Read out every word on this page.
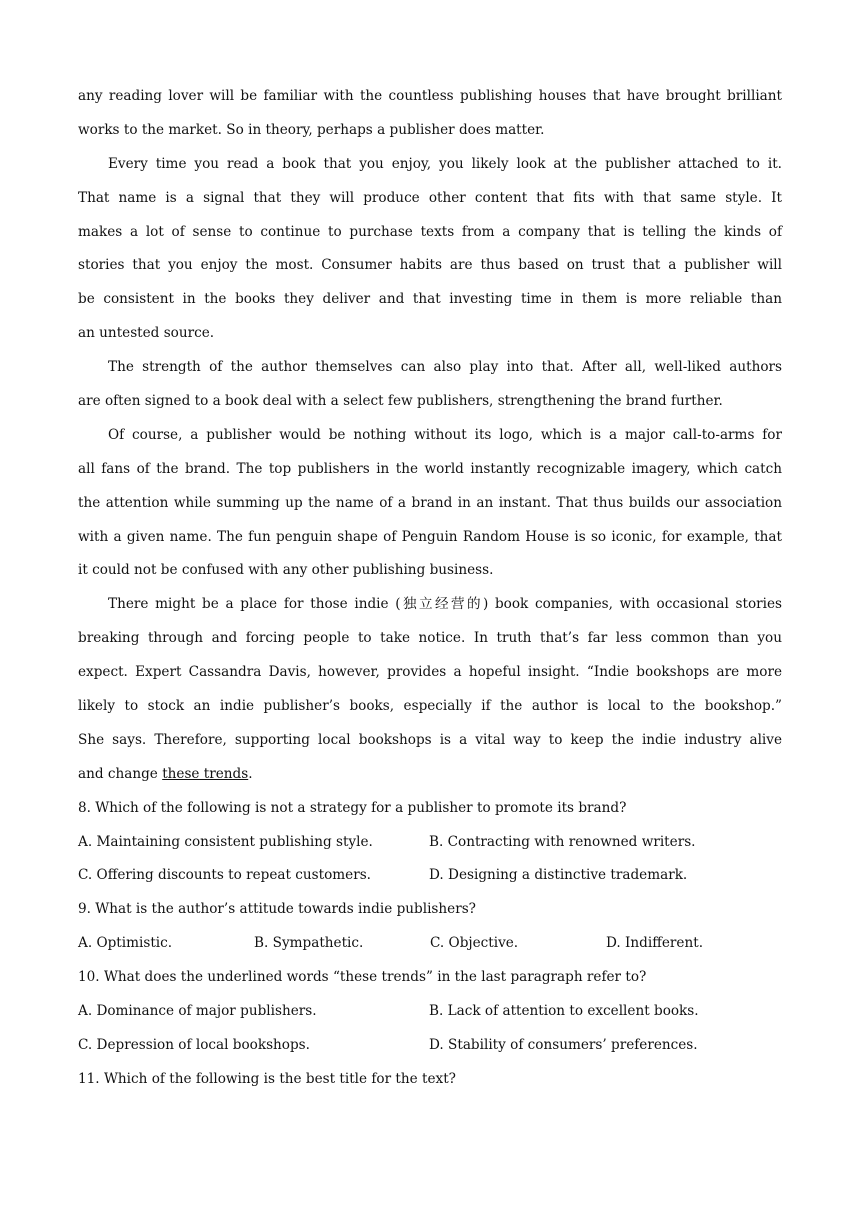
any reading lover will be familiar with the countless publishing houses that have brought brilliant
works to the market. So in theory, perhaps a publisher does matter.
Every time you read a book that you enjoy, you likely look at the publisher attached to it.
That name is a signal that they will produce other content that fits with that same style. It
makes a lot of sense to continue to purchase texts from a company that is telling the kinds of
stories that you enjoy the most. Consumer habits are thus based on trust that a publisher will
be consistent in the books they deliver and that investing time in them is more reliable than
an untested source.
The strength of the author themselves can also play into that. After all, well-liked authors
are often signed to a book deal with a select few publishers, strengthening the brand further.
Of course, a publisher would be nothing without its logo, which is a major call-to-arms for
all fans of the brand. The top publishers in the world instantly recognizable imagery, which catch
the attention while summing up the name of a brand in an instant. That thus builds our association
with a given name. The fun penguin shape of Penguin Random House is so iconic, for example, that
it could not be confused with any other publishing business.
There might be a place for those indie (独立经营的) book companies, with occasional stories
breaking through and forcing people to take notice. In truth that’s far less common than you
expect. Expert Cassandra Davis, however, provides a hopeful insight. “Indie bookshops are more
likely to stock an indie publisher’s books, especially if the author is local to the bookshop.”
She says. Therefore, supporting local bookshops is a vital way to keep the indie industry alive
and change these trends.
8. Which of the following is not a strategy for a publisher to promote its brand?
A. Maintaining consistent publishing style.	B. Contracting with renowned writers.
C. Offering discounts to repeat customers.	D. Designing a distinctive trademark.
9. What is the author’s attitude towards indie publishers?
A. Optimistic.	B. Sympathetic.	C. Objective.	D. Indifferent.
10. What does the underlined words “these trends” in the last paragraph refer to?
A. Dominance of major publishers.	B. Lack of attention to excellent books.
C. Depression of local bookshops.	D. Stability of consumers’ preferences.
11. Which of the following is the best title for the text?
